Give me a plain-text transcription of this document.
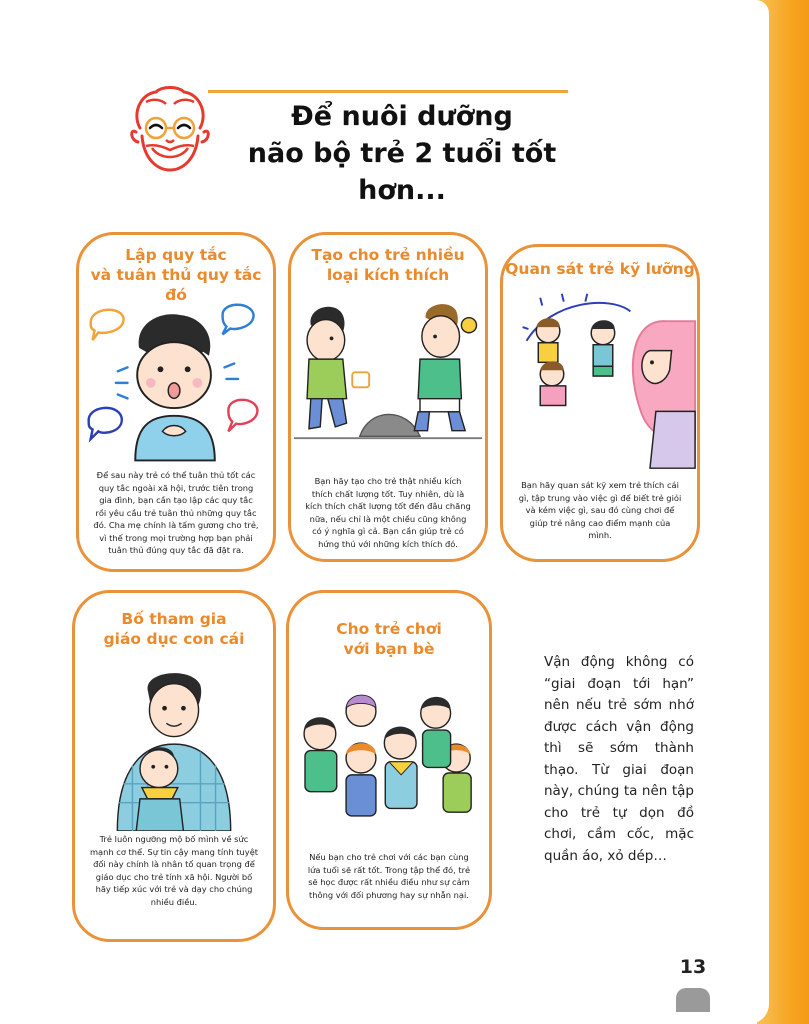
Để nuôi dưỡng
não bộ trẻ 2 tuổi tốt hơn...
Lập quy tắc
và tuân thủ quy tắc đó
Để sau này trẻ có thể tuân thủ tốt các quy tắc ngoài xã hội, trước tiên trong gia đình, bạn cần tạo lập các quy tắc rồi yêu cầu trẻ tuân thủ những quy tắc đó. Cha mẹ chính là tấm gương cho trẻ, vì thế trong mọi trường hợp bạn phải tuân thủ đúng quy tắc đã đặt ra.
Tạo cho trẻ nhiều
loại kích thích
Bạn hãy tạo cho trẻ thật nhiều kích thích chất lượng tốt. Tuy nhiên, dù là kích thích chất lượng tốt đến đâu chăng nữa, nếu chỉ là một chiều cũng không có ý nghĩa gì cả. Bạn cần giúp trẻ có hứng thú với những kích thích đó.
Quan sát trẻ kỹ lưỡng
Bạn hãy quan sát kỹ xem trẻ thích cái gì, tập trung vào việc gì để biết trẻ giỏi và kém việc gì, sau đó cùng chơi để giúp trẻ nâng cao điểm mạnh của mình.
Bố tham gia
giáo dục con cái
Trẻ luôn ngưỡng mộ bố mình về sức mạnh cơ thể. Sự tin cậy mang tính tuyệt đối này chính là nhân tố quan trọng để giáo dục cho trẻ tính xã hội. Người bố hãy tiếp xúc với trẻ và dạy cho chúng nhiều điều.
Cho trẻ chơi
với bạn bè
Nếu bạn cho trẻ chơi với các bạn cùng lứa tuổi sẽ rất tốt. Trong tập thể đó, trẻ sẽ học được rất nhiều điều như sự cảm thông với đối phương hay sự nhẫn nại.
Vận động không có “giai đoạn tới hạn” nên nếu trẻ sớm nhớ được cách vận động thì sẽ sớm thành thạo. Từ giai đoạn này, chúng ta nên tập cho trẻ tự dọn đồ chơi, cầm cốc, mặc quần áo, xỏ dép…
13
